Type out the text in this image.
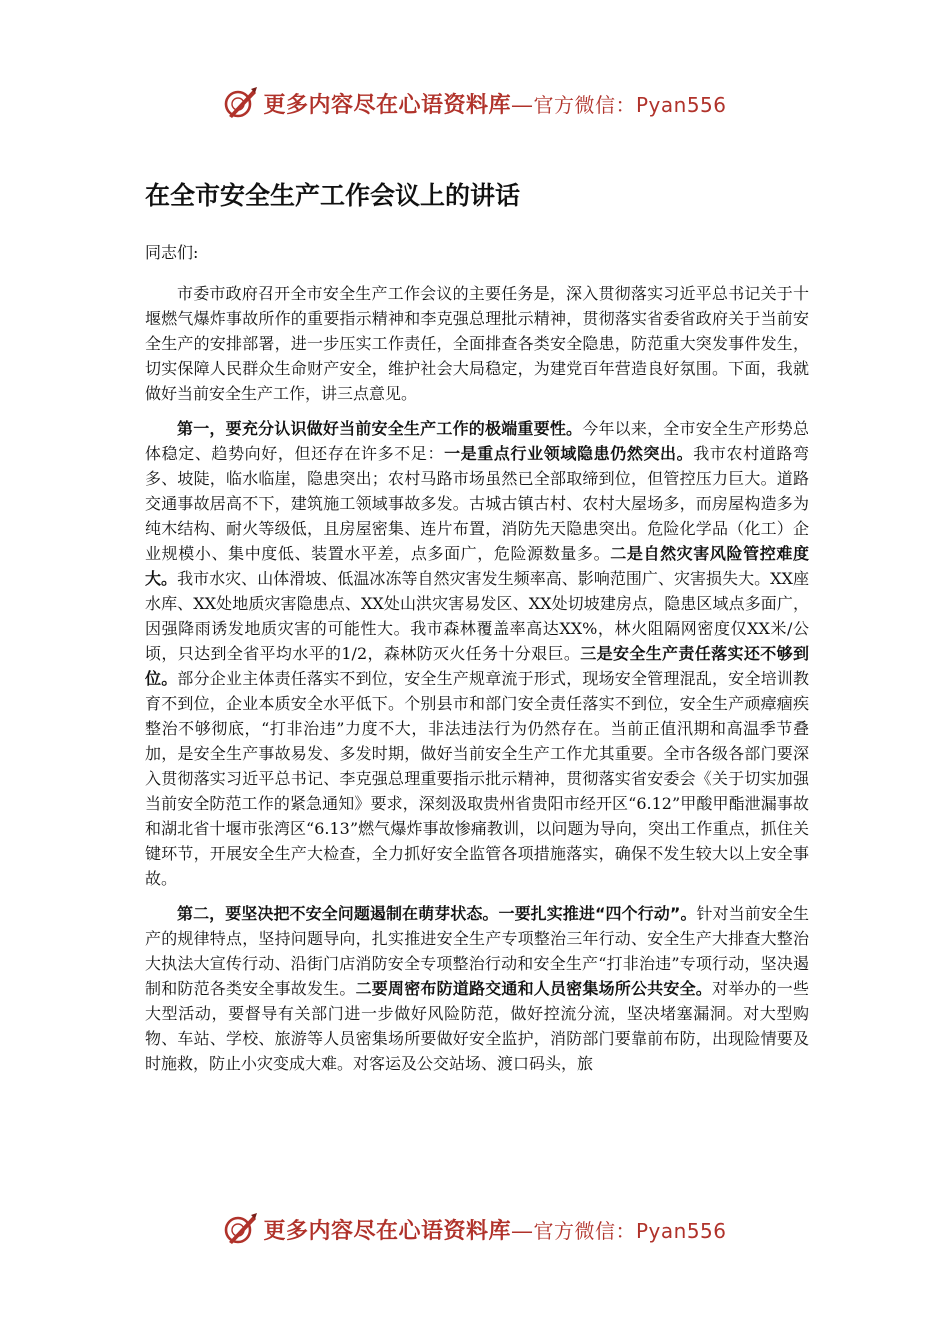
更多内容尽在心语资料库—官方微信：Pyan556
在全市安全生产工作会议上的讲话

同志们:

市委市政府召开全市安全生产工作会议的主要任务是，深入贯彻落实习近平总书记关于十堰燃气爆炸事故所作的重要指示精神和李克强总理批示精神，贯彻落实省委省政府关于当前安全生产的安排部署，进一步压实工作责任，全面排查各类安全隐患，防范重大突发事件发生，切实保障人民群众生命财产安全，维护社会大局稳定，为建党百年营造良好氛围。下面，我就做好当前安全生产工作，讲三点意见。

第一，要充分认识做好当前安全生产工作的极端重要性。今年以来，全市安全生产形势总体稳定、趋势向好，但还存在许多不足：一是重点行业领域隐患仍然突出。我市农村道路弯多、坡陡，临水临崖，隐患突出；农村马路市场虽然已全部取缔到位，但管控压力巨大。道路交通事故居高不下，建筑施工领域事故多发。古城古镇古村、农村大屋场多，而房屋构造多为纯木结构、耐火等级低，且房屋密集、连片布置，消防先天隐患突出。危险化学品（化工）企业规模小、集中度低、装置水平差，点多面广，危险源数量多。二是自然灾害风险管控难度大。我市水灾、山体滑坡、低温冰冻等自然灾害发生频率高、影响范围广、灾害损失大。XX座水库、XX处地质灾害隐患点、XX处山洪灾害易发区、XX处切坡建房点，隐患区域点多面广，因强降雨诱发地质灾害的可能性大。我市森林覆盖率高达XX%，林火阻隔网密度仅XX米/公顷，只达到全省平均水平的1/2，森林防灭火任务十分艰巨。三是安全生产责任落实还不够到位。部分企业主体责任落实不到位，安全生产规章流于形式，现场安全管理混乱，安全培训教育不到位，企业本质安全水平低下。个别县市和部门安全责任落实不到位，安全生产顽瘴痼疾整治不够彻底，“打非治违”力度不大，非法违法行为仍然存在。当前正值汛期和高温季节叠加，是安全生产事故易发、多发时期，做好当前安全生产工作尤其重要。全市各级各部门要深入贯彻落实习近平总书记、李克强总理重要指示批示精神，贯彻落实省安委会《关于切实加强当前安全防范工作的紧急通知》要求，深刻汲取贵州省贵阳市经开区“6.12”甲酸甲酯泄漏事故和湖北省十堰市张湾区“6.13”燃气爆炸事故惨痛教训，以问题为导向，突出工作重点，抓住关键环节，开展安全生产大检查，全力抓好安全监管各项措施落实，确保不发生较大以上安全事故。

第二，要坚决把不安全问题遏制在萌芽状态。一要扎实推进“四个行动”。针对当前安全生产的规律特点，坚持问题导向，扎实推进安全生产专项整治三年行动、安全生产大排查大整治大执法大宣传行动、沿街门店消防安全专项整治行动和安全生产“打非治违”专项行动，坚决遏制和防范各类安全事故发生。二要周密布防道路交通和人员密集场所公共安全。对举办的一些大型活动，要督导有关部门进一步做好风险防范，做好控流分流，坚决堵塞漏洞。对大型购物、车站、学校、旅游等人员密集场所要做好安全监护，消防部门要靠前布防，出现险情要及时施救，防止小灾变成大难。对客运及公交站场、渡口码头，旅

更多内容尽在心语资料库—官方微信：Pyan556
